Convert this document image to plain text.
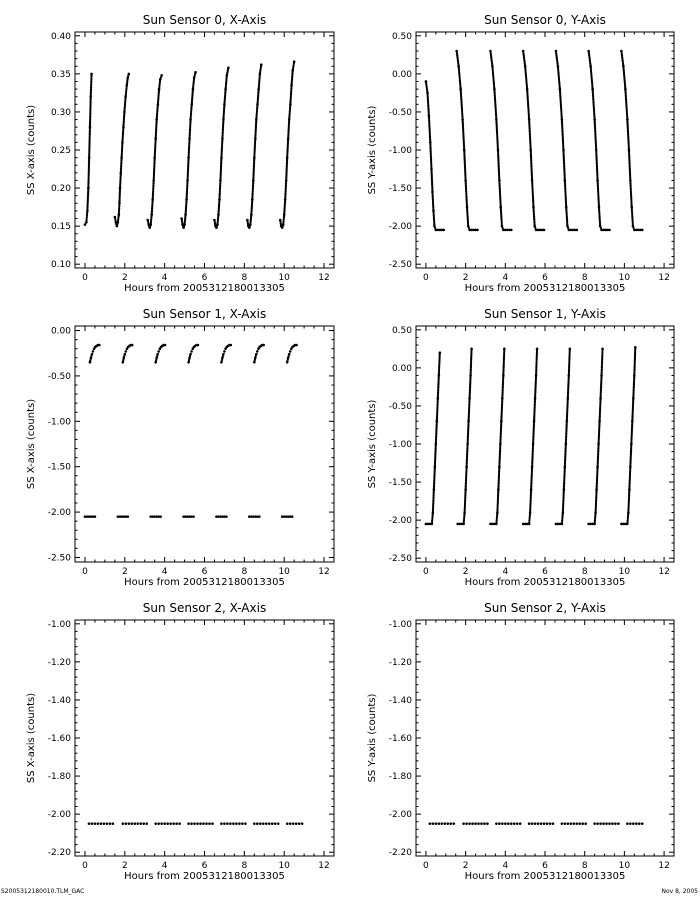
Sun Sensor 0, X-Axis
0	2	4	6	8	10	12
0.10
0.15
0.20
0.25
0.30
0.35
0.40
Hours from 2005312180013305
SS X-axis (counts)
Sun Sensor 0, Y-Axis
0	2	4	6	8	10	12
-2.50
-2.00
-1.50
-1.00
-0.50
0.00
0.50
Hours from 2005312180013305
SS Y-axis (counts)
Sun Sensor 1, X-Axis
0	2	4	6	8	10	12
-2.50
-2.00
-1.50
-1.00
-0.50
0.00
Hours from 2005312180013305
SS X-axis (counts)
Sun Sensor 1, Y-Axis
0	2	4	6	8	10	12
-2.50
-2.00
-1.50
-1.00
-0.50
0.00
0.50
Hours from 2005312180013305
SS Y-axis (counts)
Sun Sensor 2, X-Axis
0	2	4	6	8	10	12
-2.20
-2.00
-1.80
-1.60
-1.40
-1.20
-1.00
Hours from 2005312180013305
SS X-axis (counts)
Sun Sensor 2, Y-Axis
0	2	4	6	8	10	12
-2.20
-2.00
-1.80
-1.60
-1.40
-1.20
-1.00
Hours from 2005312180013305
SS Y-axis (counts)
S2005312180010.TLM_GAC	Nov 8, 2005
